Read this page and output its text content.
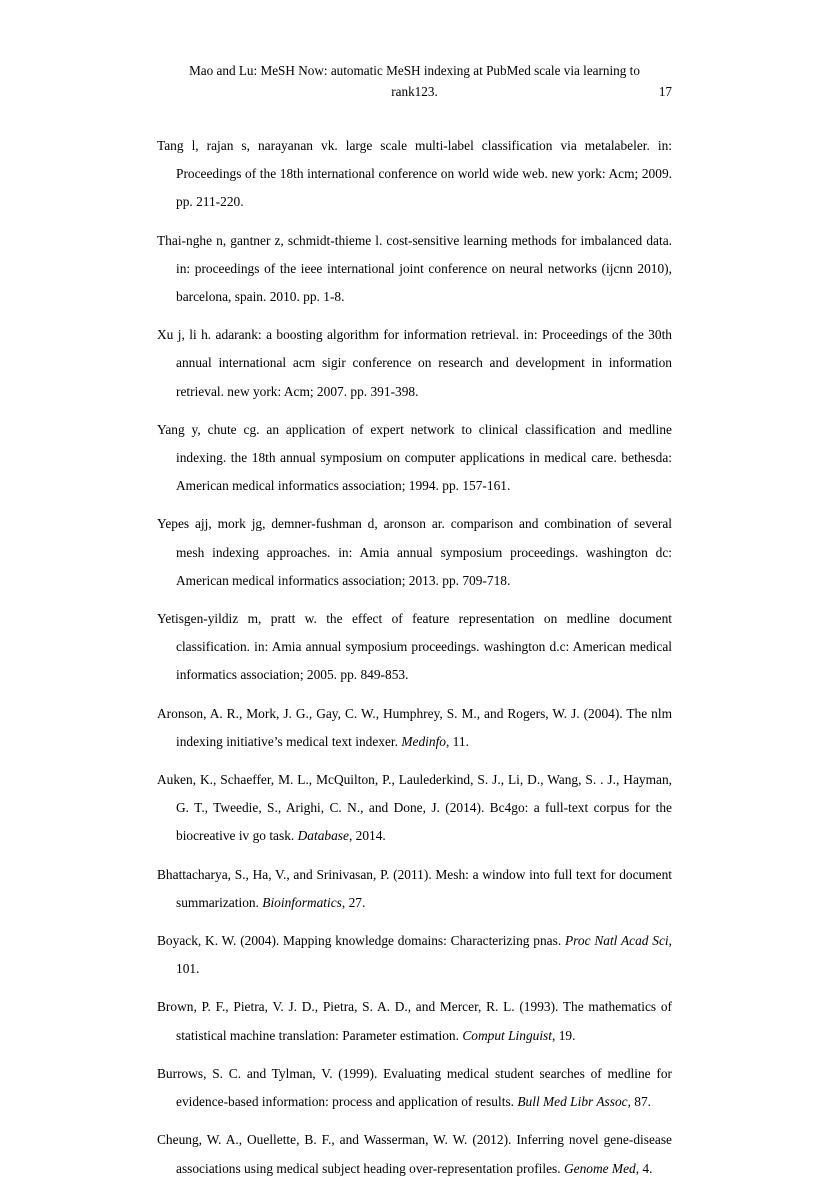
Mao and Lu: MeSH Now: automatic MeSH indexing at PubMed scale via learning to
rank123.	17

Tang l, rajan s, narayanan vk. large scale multi-label classification via metalabeler. in: Proceedings of the 18th international conference on world wide web. new york: Acm; 2009. pp. 211-220.

Thai-nghe n, gantner z, schmidt-thieme l. cost-sensitive learning methods for imbalanced data. in: proceedings of the ieee international joint conference on neural networks (ijcnn 2010), barcelona, spain. 2010. pp. 1-8.

Xu j, li h. adarank: a boosting algorithm for information retrieval. in: Proceedings of the 30th annual international acm sigir conference on research and development in information retrieval. new york: Acm; 2007. pp. 391-398.

Yang y, chute cg. an application of expert network to clinical classification and medline indexing. the 18th annual symposium on computer applications in medical care. bethesda: American medical informatics association; 1994. pp. 157-161.

Yepes ajj, mork jg, demner-fushman d, aronson ar. comparison and combination of several mesh indexing approaches. in: Amia annual symposium proceedings. washington dc: American medical informatics association; 2013. pp. 709-718.

Yetisgen-yildiz m, pratt w. the effect of feature representation on medline document classification. in: Amia annual symposium proceedings. washington d.c: American medical informatics association; 2005. pp. 849-853.

Aronson, A. R., Mork, J. G., Gay, C. W., Humphrey, S. M., and Rogers, W. J. (2004). The nlm indexing initiative’s medical text indexer. Medinfo, 11.

Auken, K., Schaeffer, M. L., McQuilton, P., Laulederkind, S. J., Li, D., Wang, S. . J., Hayman, G. T., Tweedie, S., Arighi, C. N., and Done, J. (2014). Bc4go: a full-text corpus for the biocreative iv go task. Database, 2014.

Bhattacharya, S., Ha, V., and Srinivasan, P. (2011). Mesh: a window into full text for document summarization. Bioinformatics, 27.

Boyack, K. W. (2004). Mapping knowledge domains: Characterizing pnas. Proc Natl Acad Sci, 101.

Brown, P. F., Pietra, V. J. D., Pietra, S. A. D., and Mercer, R. L. (1993). The mathematics of statistical machine translation: Parameter estimation. Comput Linguist, 19.

Burrows, S. C. and Tylman, V. (1999). Evaluating medical student searches of medline for evidence-based information: process and application of results. Bull Med Libr Assoc, 87.

Cheung, W. A., Ouellette, B. F., and Wasserman, W. W. (2012). Inferring novel gene-disease associations using medical subject heading over-representation profiles. Genome Med, 4.
